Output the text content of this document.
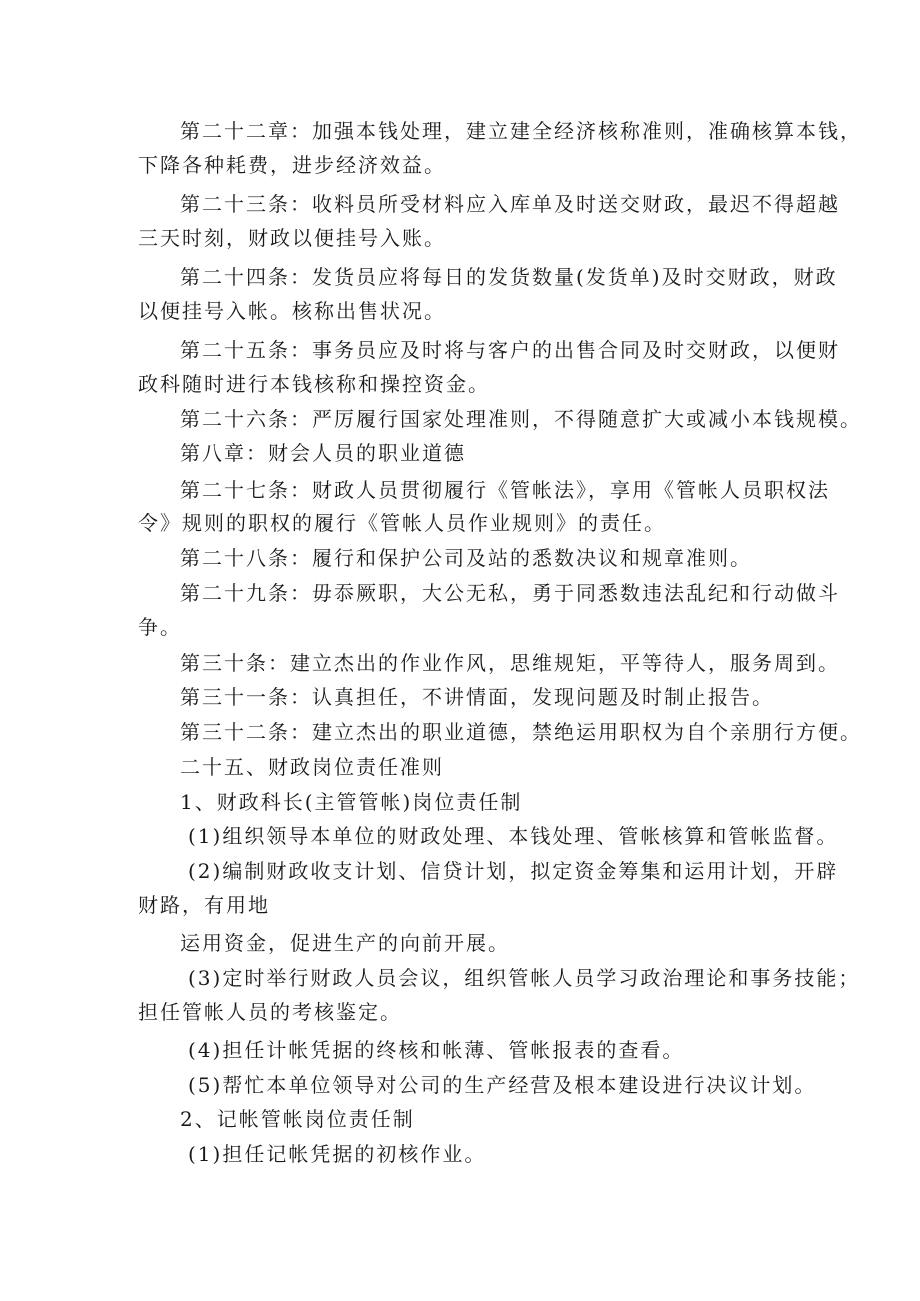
第二十二章：加强本钱处理，建立建全经济核称准则，准确核算本钱，
下降各种耗费，进步经济效益。
第二十三条：收料员所受材料应入库单及时送交财政，最迟不得超越
三天时刻，财政以便挂号入账。
第二十四条：发货员应将每日的发货数量(发货单)及时交财政，财政
以便挂号入帐。核称出售状况。
第二十五条：事务员应及时将与客户的出售合同及时交财政，以便财
政科随时进行本钱核称和操控资金。
第二十六条：严厉履行国家处理准则，不得随意扩大或减小本钱规模。
第八章：财会人员的职业道德
第二十七条：财政人员贯彻履行《管帐法》，享用《管帐人员职权法
令》规则的职权的履行《管帐人员作业规则》的责任。
第二十八条：履行和保护公司及站的悉数决议和规章准则。
第二十九条：毋忝厥职，大公无私，勇于同悉数违法乱纪和行动做斗
争。
第三十条：建立杰出的作业作风，思维规矩，平等待人，服务周到。
第三十一条：认真担任，不讲情面，发现问题及时制止报告。
第三十二条：建立杰出的职业道德，禁绝运用职权为自个亲朋行方便。
二十五、财政岗位责任准则
1、财政科长(主管管帐)岗位责任制
(1)组织领导本单位的财政处理、本钱处理、管帐核算和管帐监督。
(2)编制财政收支计划、信贷计划，拟定资金筹集和运用计划，开辟
财路，有用地
运用资金，促进生产的向前开展。
(3)定时举行财政人员会议，组织管帐人员学习政治理论和事务技能；
担任管帐人员的考核鉴定。
(4)担任计帐凭据的终核和帐薄、管帐报表的查看。
(5)帮忙本单位领导对公司的生产经营及根本建设进行决议计划。
2、记帐管帐岗位责任制
(1)担任记帐凭据的初核作业。
